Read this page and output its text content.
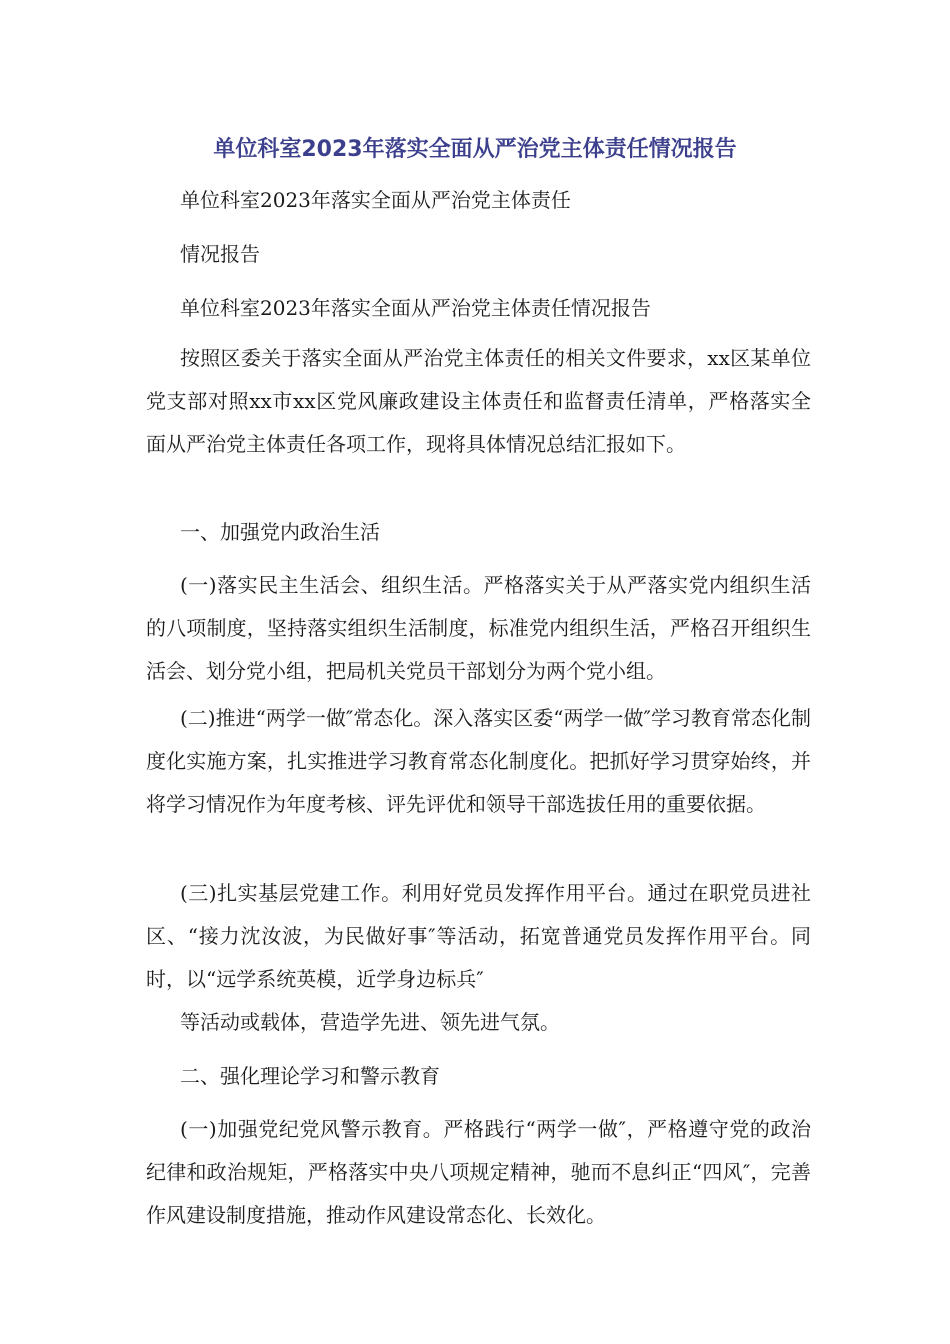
单位科室2023年落实全面从严治党主体责任情况报告
单位科室2023年落实全面从严治党主体责任
情况报告
单位科室2023年落实全面从严治党主体责任情况报告
按照区委关于落实全面从严治党主体责任的相关文件要求，xx区某单位党支部对照xx市xx区党风廉政建设主体责任和监督责任清单，严格落实全面从严治党主体责任各项工作，现将具体情况总结汇报如下。
一、加强党内政治生活
(一)落实民主生活会、组织生活。严格落实关于从严落实党内组织生活的八项制度，坚持落实组织生活制度，标准党内组织生活，严格召开组织生活会、划分党小组，把局机关党员干部划分为两个党小组。
(二)推进“两学一做″常态化。深入落实区委“两学一做″学习教育常态化制度化实施方案，扎实推进学习教育常态化制度化。把抓好学习贯穿始终，并将学习情况作为年度考核、评先评优和领导干部选拔任用的重要依据。
(三)扎实基层党建工作。利用好党员发挥作用平台。通过在职党员进社区、“接力沈汝波，为民做好事″等活动，拓宽普通党员发挥作用平台。同时，以“远学系统英模，近学身边标兵″
等活动或载体，营造学先进、领先进气氛。
二、强化理论学习和警示教育
(一)加强党纪党风警示教育。严格践行“两学一做″，严格遵守党的政治纪律和政治规矩，严格落实中央八项规定精神，驰而不息纠正“四风″，完善作风建设制度措施，推动作风建设常态化、长效化。
